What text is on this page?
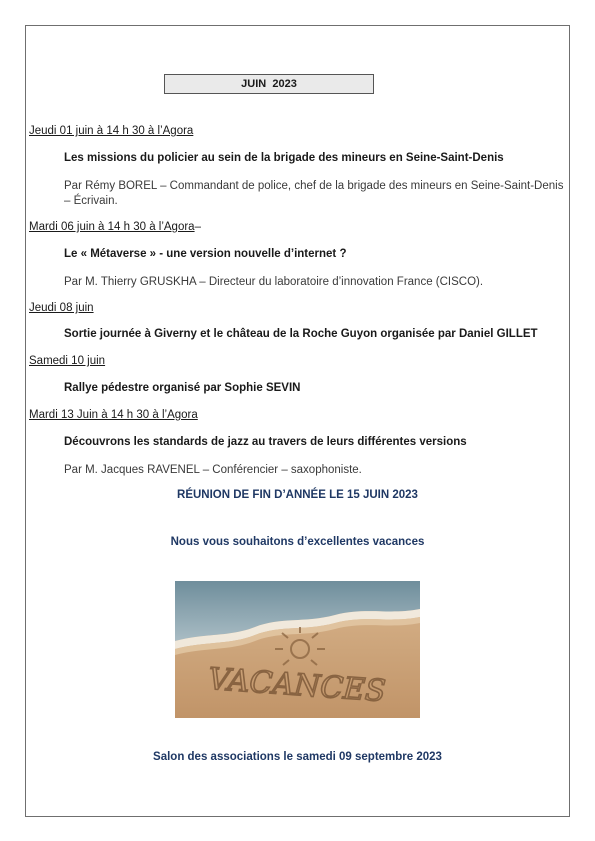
JUIN  2023
Jeudi 01 juin à 14 h 30 à l’Agora
Les missions du policier au sein de la brigade des mineurs en Seine-Saint-Denis
Par Rémy BOREL – Commandant de police, chef de la brigade des mineurs en Seine-Saint-Denis – Écrivain.
Mardi 06 juin à 14 h 30 à l’Agora–
Le « Métaverse » - une version nouvelle d’internet ?
Par M. Thierry GRUSKHA – Directeur du laboratoire d’innovation France (CISCO).
Jeudi 08 juin
Sortie journée à Giverny et le château de la Roche Guyon organisée par Daniel GILLET
Samedi 10 juin
Rallye pédestre organisé par Sophie SEVIN
Mardi 13 Juin à 14 h 30 à l’Agora
Découvrons les standards de jazz au travers de leurs différentes versions
Par M. Jacques RAVENEL – Conférencier – saxophoniste.
RÉUNION DE FIN D’ANNÉE LE 15 JUIN 2023
Nous vous souhaitons d’excellentes vacances
VACANCES
Salon des associations le samedi 09 septembre 2023
